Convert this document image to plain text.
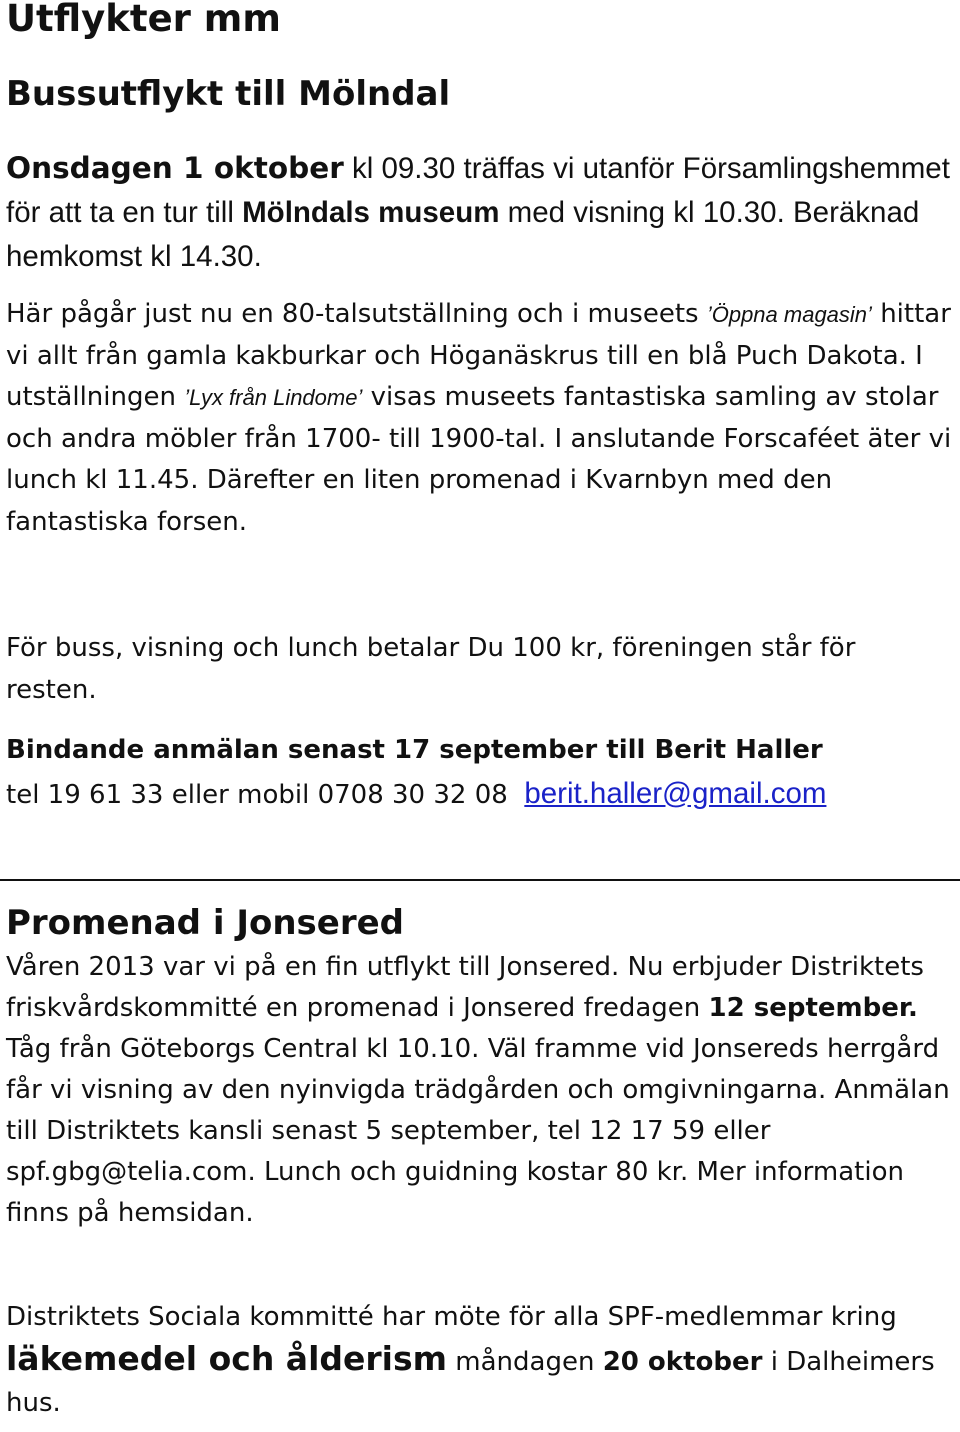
Utflykter mm
Bussutflykt till Mölndal

Onsdagen 1 oktober kl 09.30 träffas vi utanför Församlingshemmet för att ta en tur till Mölndals museum med visning kl 10.30. Beräknad hemkomst kl 14.30.

Här pågår just nu en 80-talsutställning och i museets ’Öppna magasin’ hittar vi allt från gamla kakburkar och Höganäskrus till en blå Puch Dakota. I utställningen ’Lyx från Lindome’ visas museets fantastiska samling av stolar och andra möbler från 1700- till 1900-tal. I anslutande Forscaféet äter vi lunch kl 11.45. Därefter en liten promenad i Kvarnbyn med den fantastiska forsen.

För buss, visning och lunch betalar Du 100 kr, föreningen står för resten.

Bindande anmälan senast 17 september till Berit Haller
tel 19 61 33 eller mobil 0708 30 32 08 berit.haller@gmail.com

Promenad i Jonsered

Våren 2013 var vi på en fin utflykt till Jonsered. Nu erbjuder Distriktets friskvårdskommitté en promenad i Jonsered fredagen 12 september. Tåg från Göteborgs Central kl 10.10. Väl framme vid Jonsereds herrgård får vi visning av den nyinvigda trädgården och omgivningarna. Anmälan till Distriktets kansli senast 5 september, tel 12 17 59 eller spf.gbg@telia.com. Lunch och guidning kostar 80 kr. Mer information finns på hemsidan.

Distriktets Sociala kommitté har möte för alla SPF-medlemmar kring läkemedel och ålderism måndagen 20 oktober i Dalheimers hus.
